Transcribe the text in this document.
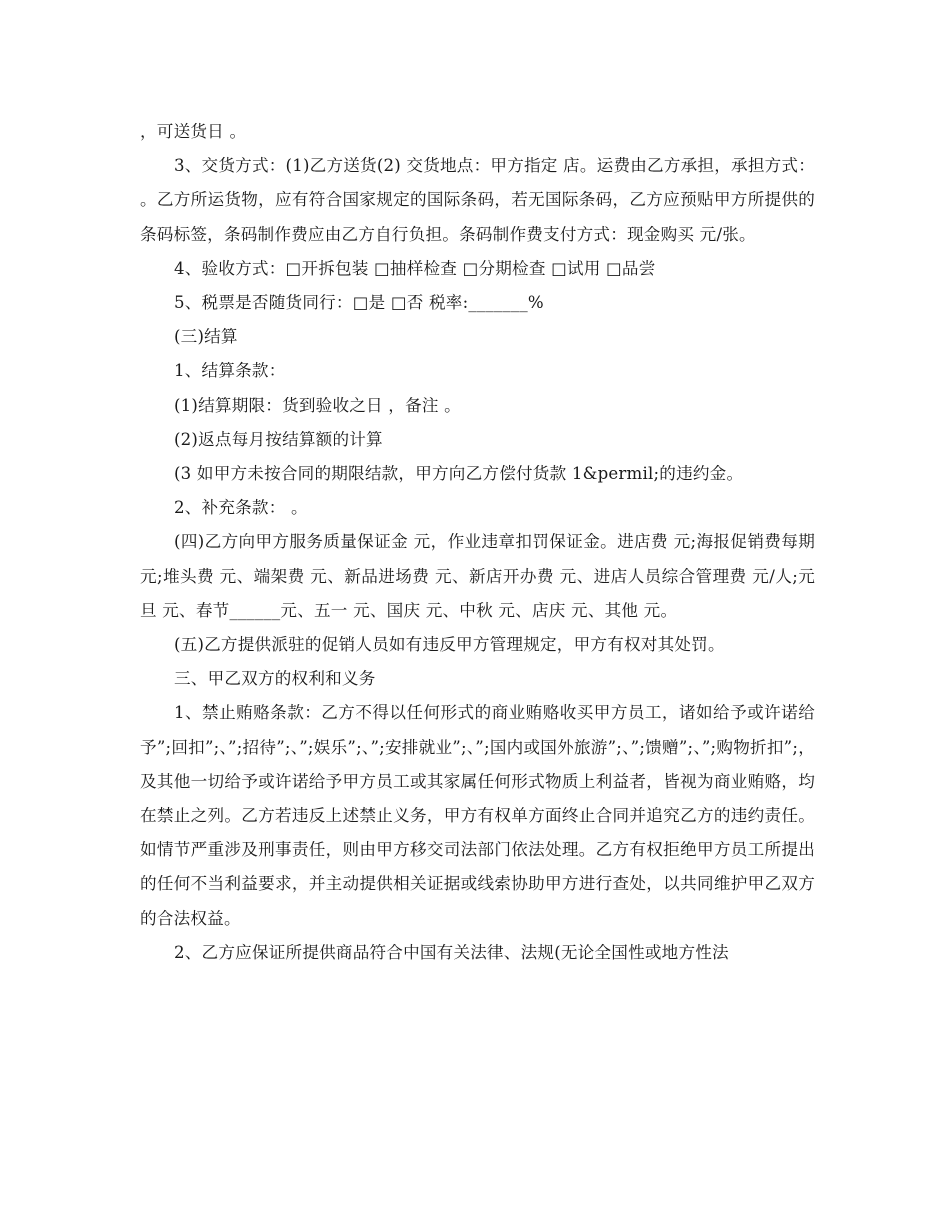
，可送货日 。

3、交货方式：(1)乙方送货(2) 交货地点：甲方指定 店。运费由乙方承担，承担方式： 。乙方所运货物，应有符合国家规定的国际条码，若无国际条码，乙方应预贴甲方所提供的条码标签，条码制作费应由乙方自行负担。条码制作费支付方式：现金购买 元/张。

4、验收方式：□开拆包装 □抽样检查 □分期检查 □试用 □品尝

5、税票是否随货同行：□是 □否 税率:_______%

(三)结算

1、结算条款：

(1)结算期限：货到验收之日 ，备注 。

(2)返点每月按结算额的计算

(3 如甲方未按合同的期限结款，甲方向乙方偿付货款 1&permil;的违约金。

2、补充条款： 。

(四)乙方向甲方服务质量保证金 元，作业违章扣罚保证金。进店费 元;海报促销费每期 元;堆头费 元、端架费 元、新品进场费 元、新店开办费 元、进店人员综合管理费 元/人;元旦 元、春节______元、五一 元、国庆 元、中秋 元、店庆 元、其他 元。

(五)乙方提供派驻的促销人员如有违反甲方管理规定，甲方有权对其处罚。

三、甲乙双方的权利和义务

1、禁止贿赂条款：乙方不得以任何形式的商业贿赂收买甲方员工，诸如给予或许诺给予”;回扣”;、”;招待”;、”;娱乐”;、”;安排就业”;、”;国内或国外旅游”;、”;馈赠”;、”;购物折扣”;，及其他一切给予或许诺给予甲方员工或其家属任何形式物质上利益者，皆视为商业贿赂，均在禁止之列。乙方若违反上述禁止义务，甲方有权单方面终止合同并追究乙方的违约责任。如情节严重涉及刑事责任，则由甲方移交司法部门依法处理。乙方有权拒绝甲方员工所提出的任何不当利益要求，并主动提供相关证据或线索协助甲方进行查处，以共同维护甲乙双方的合法权益。

2、乙方应保证所提供商品符合中国有关法律、法规(无论全国性或地方性法
